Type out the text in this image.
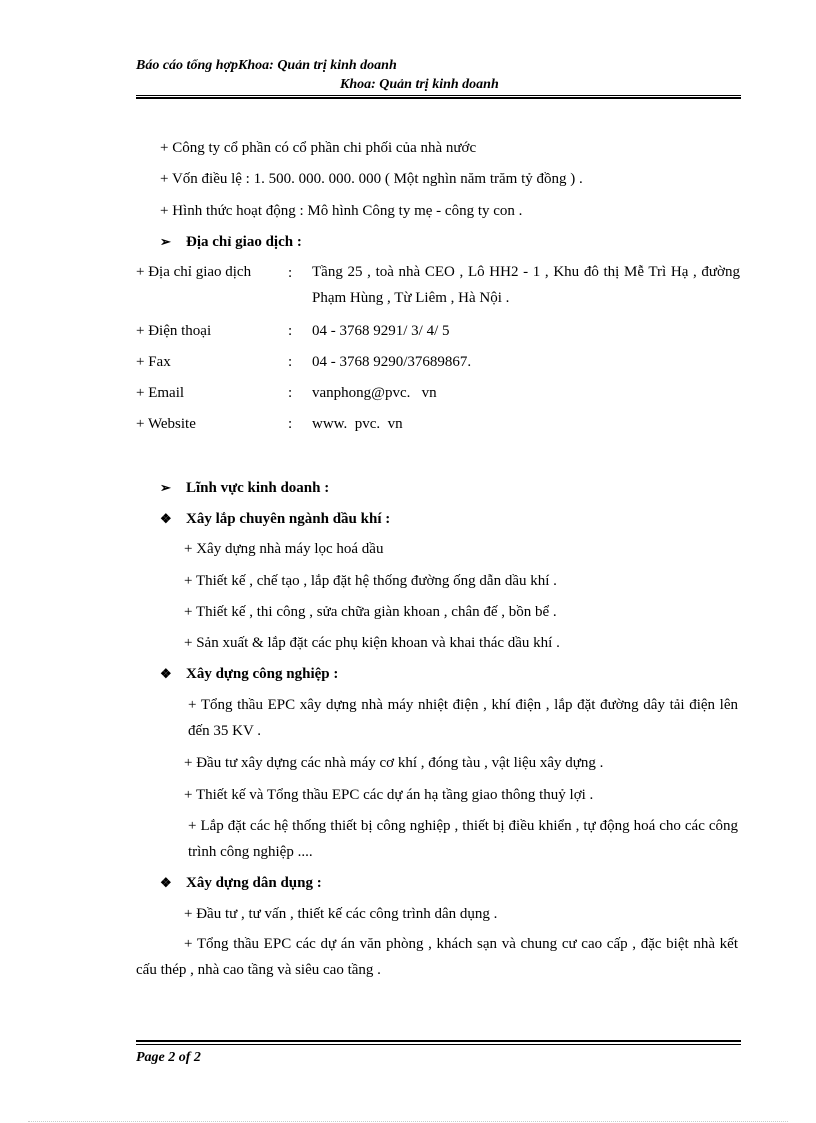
Báo cáo tổng hợpKhoa: Quản trị kinh doanh
Khoa: Quản trị kinh doanh
+ Công ty cổ phần có cổ phần chi phối của nhà nước
+ Vốn điều lệ : 1. 500. 000. 000. 000 ( Một nghìn năm trăm tỷ đồng ) .
+ Hình thức hoạt động : Mô hình Công ty mẹ - công ty con .
➢ Địa chỉ giao dịch :
+ Địa chỉ giao dịch	: Tầng 25 , toà nhà CEO , Lô HH2 - 1 , Khu đô thị Mễ Trì Hạ , đường Phạm Hùng , Từ Liêm , Hà Nội .
+ Điện thoại	: 04 - 3768 9291/ 3/ 4/ 5
+ Fax	: 04 - 3768 9290/37689867.
+ Email	: vanphong@pvc.   vn
+ Website	: www.  pvc.  vn
➢ Lĩnh vực kinh doanh :
❖ Xây lắp chuyên ngành dầu khí :
+ Xây dựng nhà máy lọc hoá dầu
+ Thiết kế , chế tạo , lắp đặt hệ thống đường ống dẫn dầu khí .
+ Thiết kế , thi công , sửa chữa giàn khoan , chân đế , bồn bể .
+ Sản xuất & lắp đặt các phụ kiện khoan và khai thác dầu khí .
❖ Xây dựng công nghiệp :
+ Tổng thầu EPC xây dựng nhà máy nhiệt điện , khí điện , lắp đặt đường dây tải điện lên đến 35 KV .
+ Đầu tư xây dựng các nhà máy cơ khí , đóng tàu , vật liệu xây dựng .
+ Thiết kế và Tổng thầu EPC các dự án hạ tầng giao thông thuỷ lợi .
+ Lắp đặt các hệ thống thiết bị công nghiệp , thiết bị điều khiển , tự động hoá cho các công trình công nghiệp ....
❖ Xây dựng dân dụng :
+ Đầu tư , tư vấn , thiết kế các công trình dân dụng .
+ Tổng thầu EPC các dự án văn phòng , khách sạn và chung cư cao cấp , đặc biệt nhà kết cấu thép , nhà cao tầng và siêu cao tầng .
Page 2 of 2
